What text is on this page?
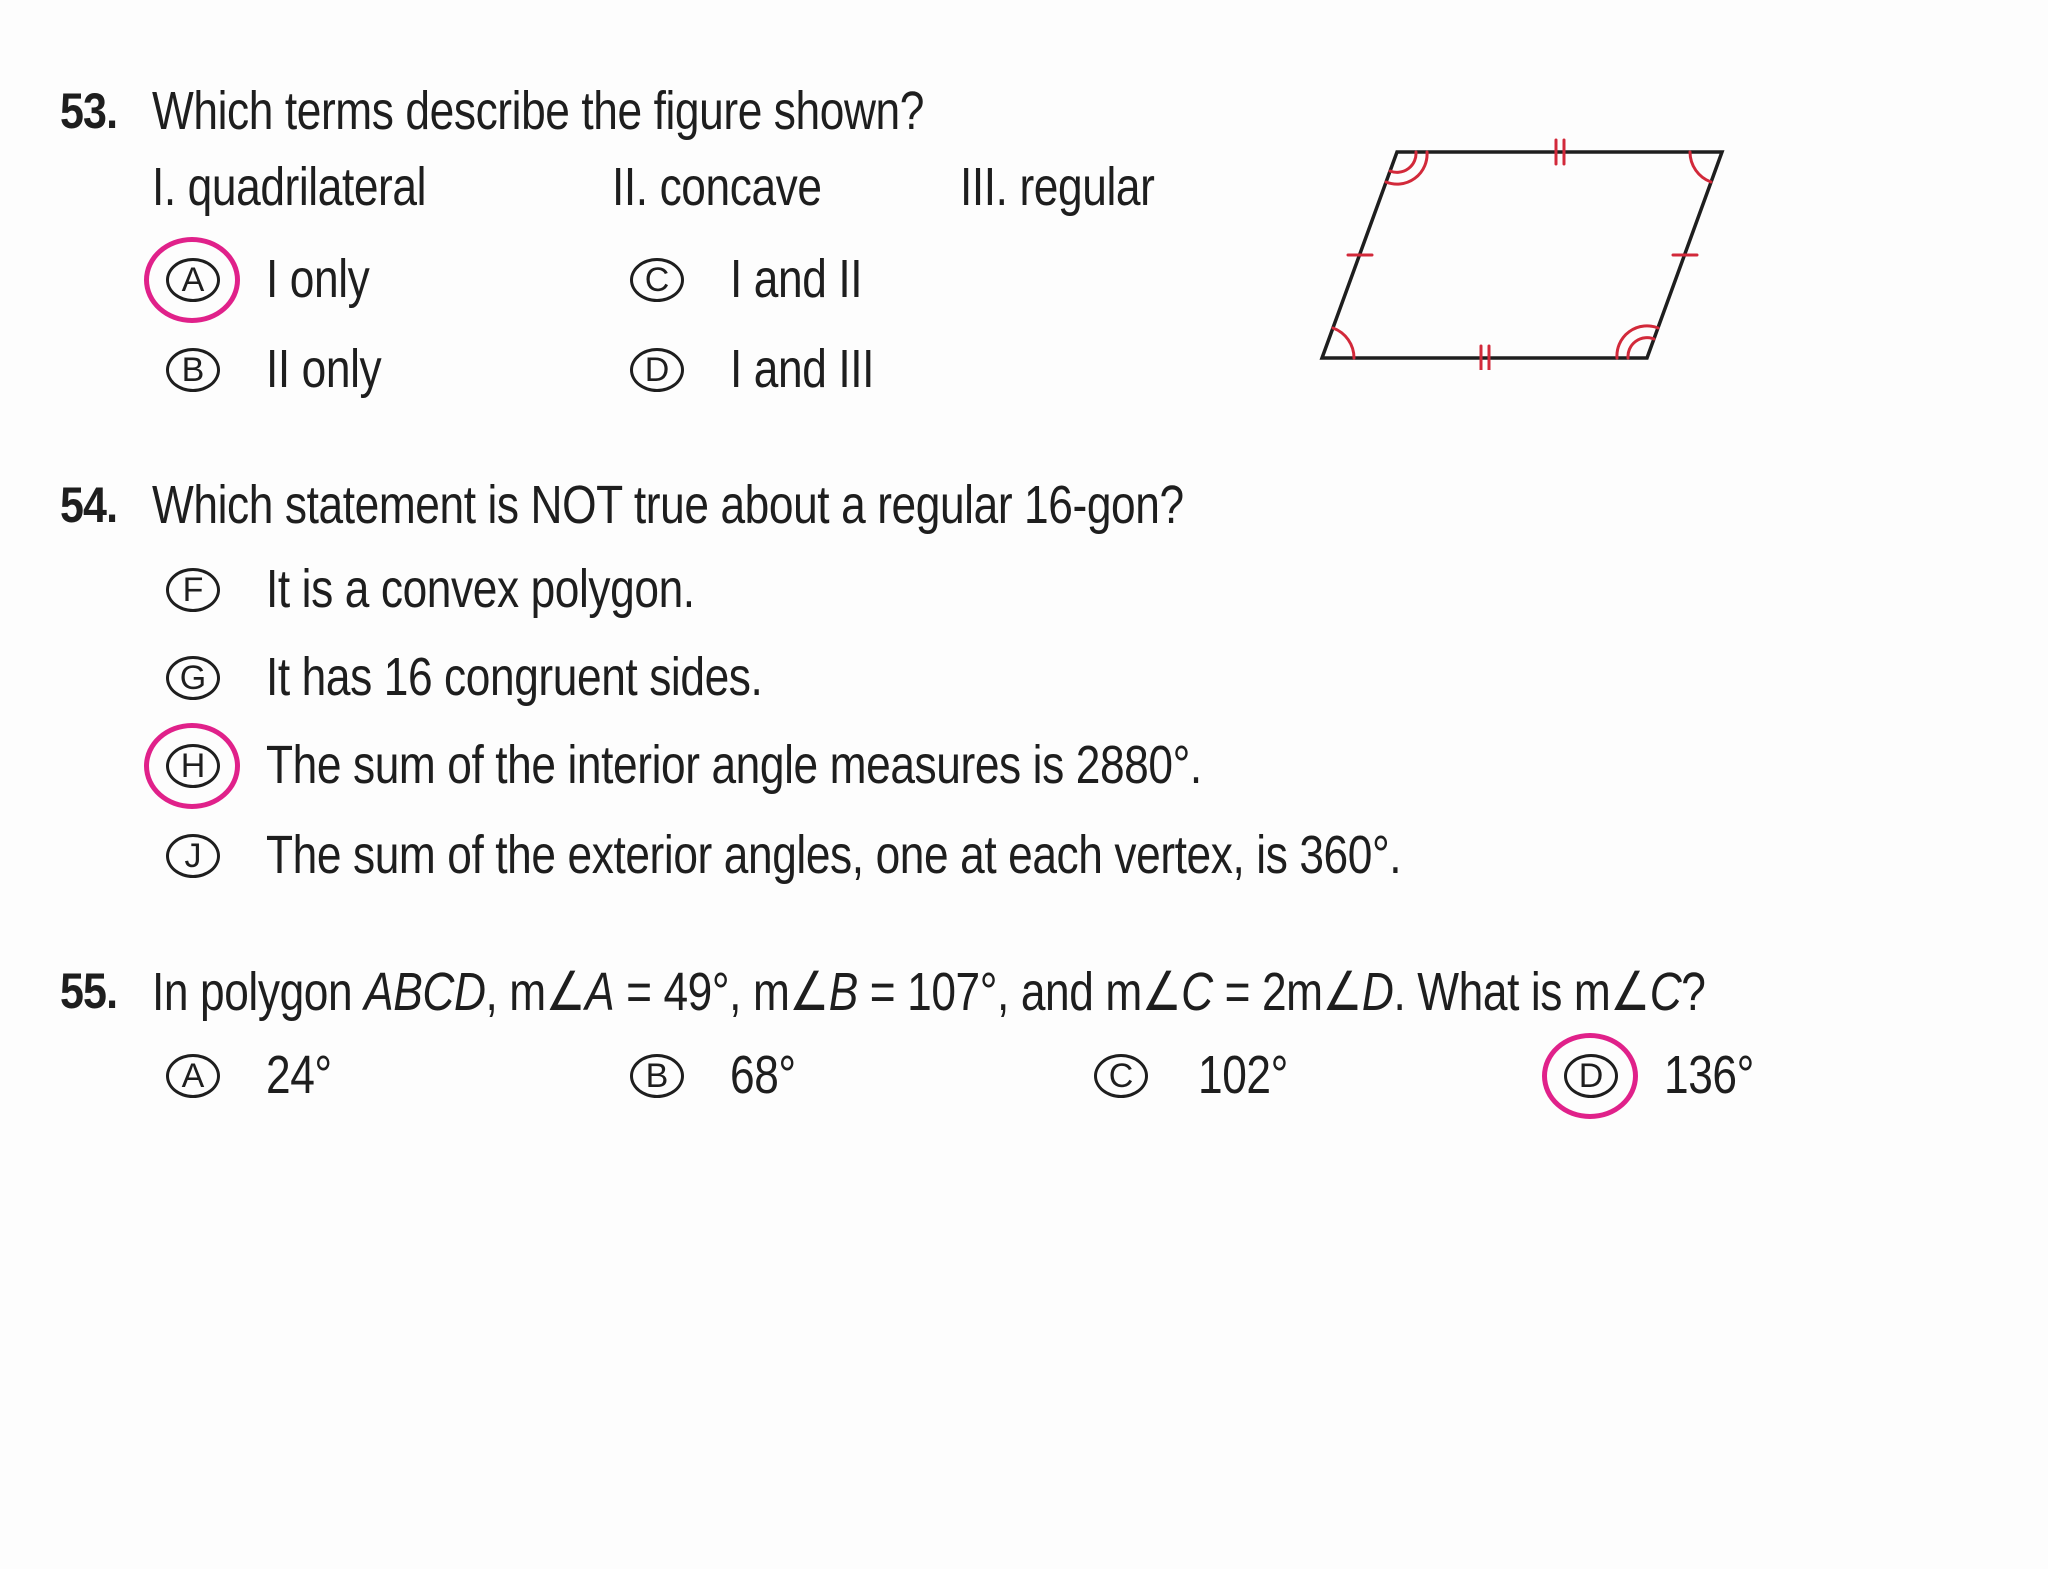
53. Which terms describe the figure shown?
I. quadrilateral	II. concave	III. regular
A I only	C I and II
B II only	D I and III
54. Which statement is NOT true about a regular 16-gon?
F	It is a convex polygon.
G It has 16 congruent sides.
H The sum of the interior angle measures is 2880°.
J	The sum of the exterior angles, one at each vertex, is 360°.
55. In polygon ABCD, m∠A = 49°, m∠B = 107°, and m∠C = 2m∠D. What is m∠C?
A 24°	B 68°	C 102°	D 136°
